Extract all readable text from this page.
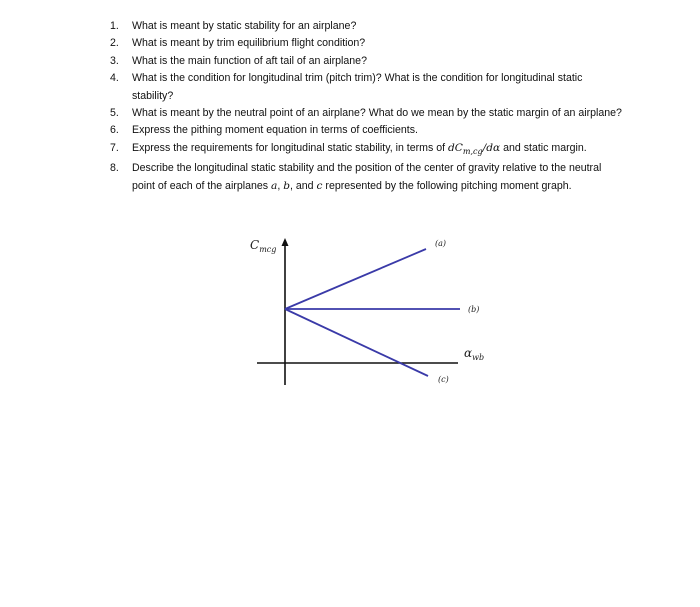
1.	What is meant by static stability for an airplane?
2.	What is meant by trim equilibrium flight condition?
3.	What is the main function of aft tail of an airplane?
4.	What is the condition for longitudinal trim (pitch trim)? What is the condition for longitudinal static stability?
5.	What is meant by the neutral point of an airplane? What do we mean by the static margin of an airplane?
6.	Express the pithing moment equation in terms of coefficients.
7.	Express the requirements for longitudinal static stability, in terms of $dC_{m,cg}/d\alpha$ and static margin.
8.	Describe the longitudinal static stability and the position of the center of gravity relative to the neutral point of each of the airplanes a, b, and c represented by the following pitching moment graph.
$C_{mcg}$
(a)
(b)
(c)
$\alpha_{wb}$
